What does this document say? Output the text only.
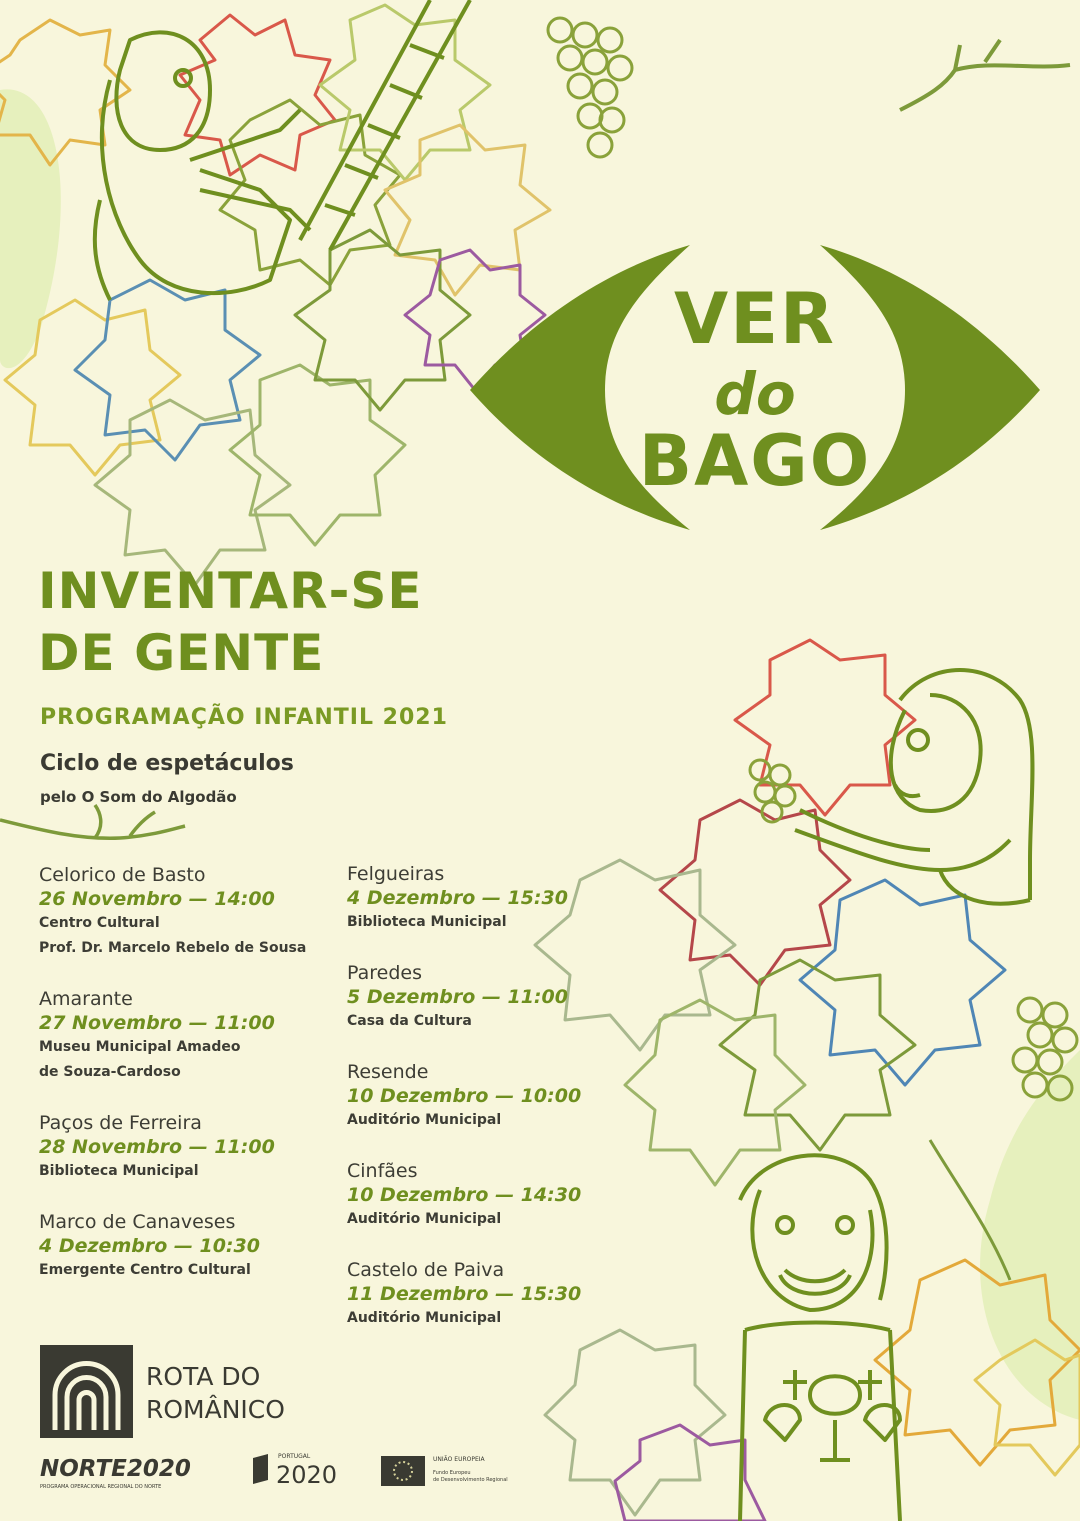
VER
do
BAGO
INVENTAR-SE
DE GENTE
PROGRAMAÇÃO INFANTIL 2021
Ciclo de espetáculos
pelo O Som do Algodão
Celorico de Basto
26 Novembro — 14:00
Centro Cultural
Prof. Dr. Marcelo Rebelo de Sousa
Amarante
27 Novembro — 11:00
Museu Municipal Amadeo
de Souza-Cardoso
Paços de Ferreira
28 Novembro — 11:00
Biblioteca Municipal
Marco de Canaveses
4 Dezembro — 10:30
Emergente Centro Cultural
Felgueiras
4 Dezembro — 15:30
Biblioteca Municipal
Paredes
5 Dezembro — 11:00
Casa da Cultura
Resende
10 Dezembro — 10:00
Auditório Municipal
Cinfães
10 Dezembro — 14:30
Auditório Municipal
Castelo de Paiva
11 Dezembro — 15:30
Auditório Municipal
ROTA DO
ROMÂNICO
NORTE2020
PROGRAMA OPERACIONAL REGIONAL DO NORTE
PORTUGAL
2020
UNIÃO EUROPEIA
Fundo Europeu
de Desenvolvimento Regional
